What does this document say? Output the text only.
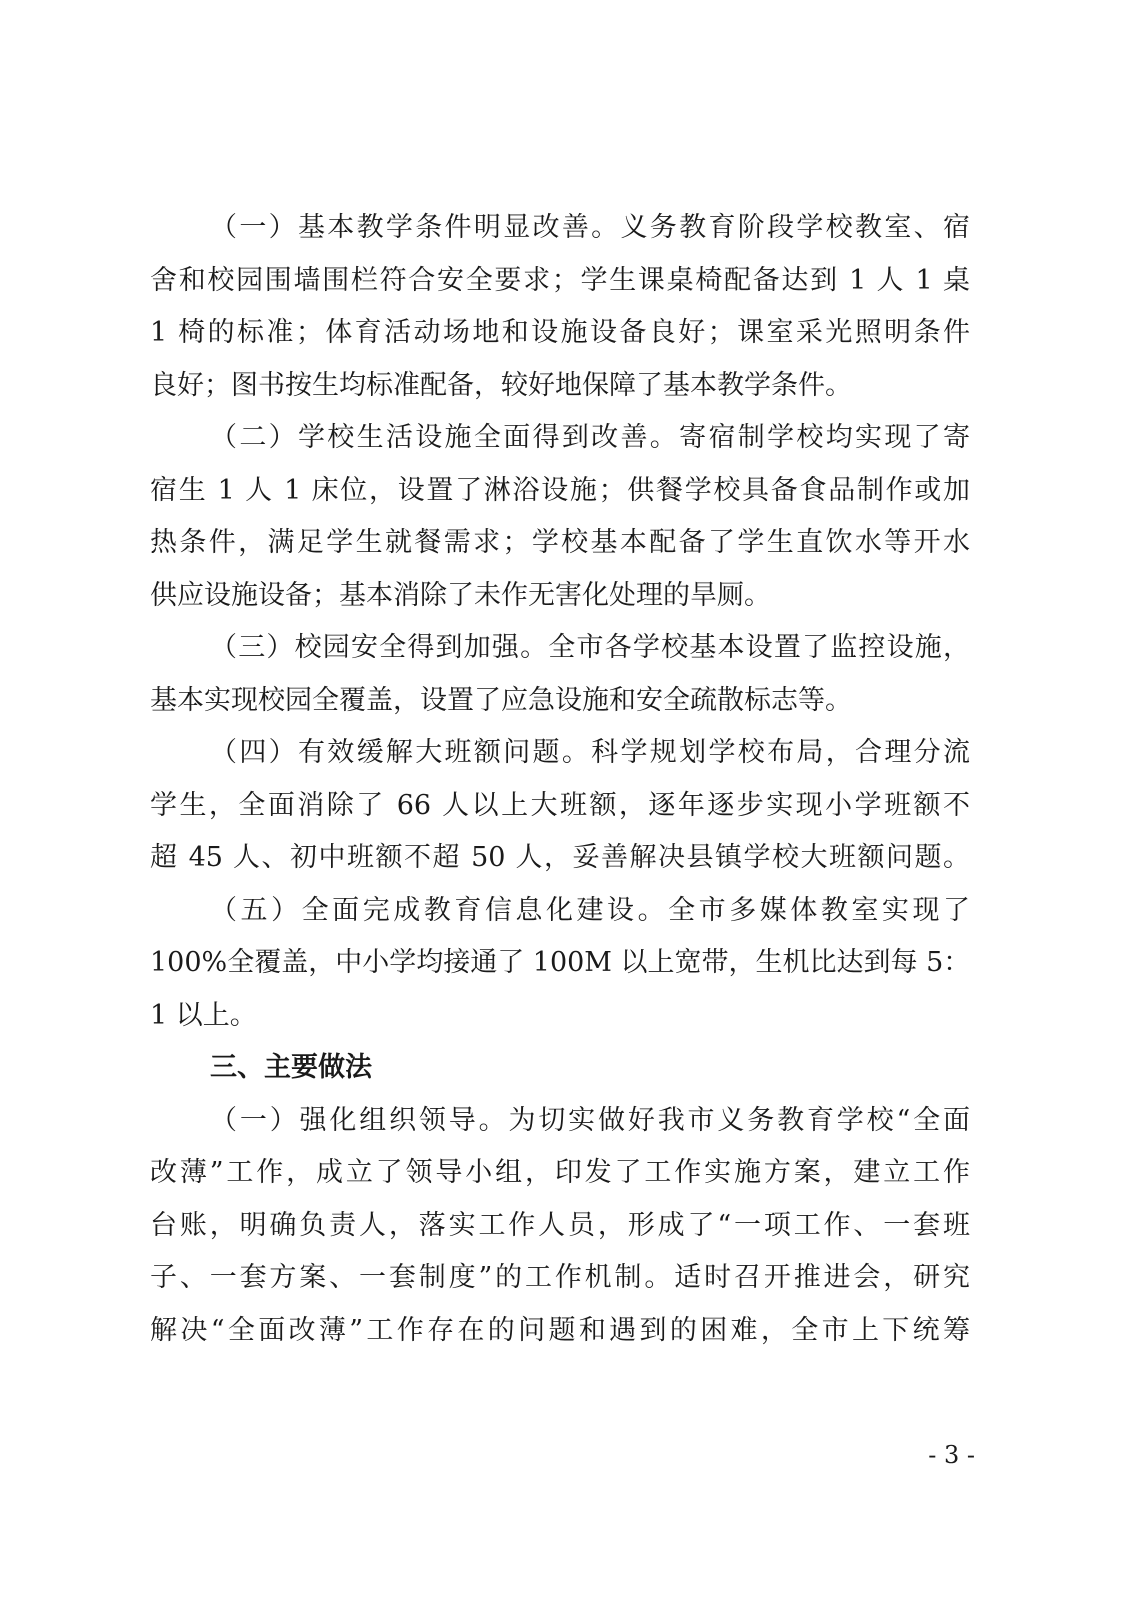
（一）基本教学条件明显改善。义务教育阶段学校教室、宿
舍和校园围墙围栏符合安全要求；学生课桌椅配备达到 1 人 1 桌
1 椅的标准；体育活动场地和设施设备良好；课室采光照明条件
良好；图书按生均标准配备，较好地保障了基本教学条件。
（二）学校生活设施全面得到改善。寄宿制学校均实现了寄
宿生 1 人 1 床位，设置了淋浴设施；供餐学校具备食品制作或加
热条件，满足学生就餐需求；学校基本配备了学生直饮水等开水
供应设施设备；基本消除了未作无害化处理的旱厕。
（三）校园安全得到加强。全市各学校基本设置了监控设施，
基本实现校园全覆盖，设置了应急设施和安全疏散标志等。
（四）有效缓解大班额问题。科学规划学校布局，合理分流
学生，全面消除了 66 人以上大班额，逐年逐步实现小学班额不
超 45 人、初中班额不超 50 人，妥善解决县镇学校大班额问题。
（五）全面完成教育信息化建设。全市多媒体教室实现了
100%全覆盖，中小学均接通了 100M 以上宽带，生机比达到每 5：
1 以上。
三、主要做法
（一）强化组织领导。为切实做好我市义务教育学校“全面
改薄”工作，成立了领导小组，印发了工作实施方案，建立工作
台账，明确负责人，落实工作人员，形成了“一项工作、一套班
子、一套方案、一套制度”的工作机制。适时召开推进会，研究
解决“全面改薄”工作存在的问题和遇到的困难，全市上下统筹
- 3 -
